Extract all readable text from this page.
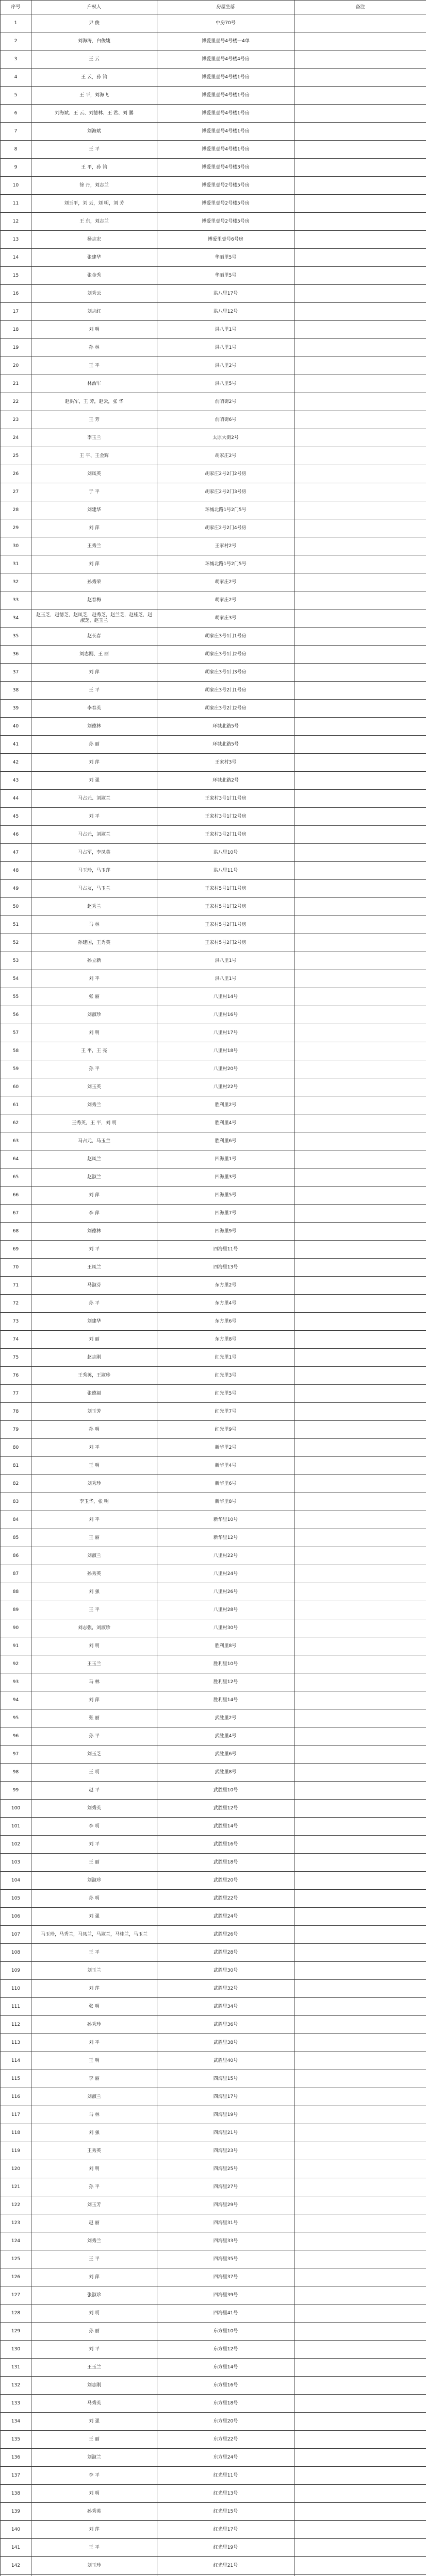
序号	户权人	房屋坐落	备注
1	尹 俊	中房70号	
2	刘海涛，白俊婕	博爱里壹号4号楼一4单	
3	王 云	博爱里壹号4号楼4号房	
4	王 云，孙 钧	博爱里壹号4号楼1号房	
5	王 平，刘海飞	博爱里壹号4号楼1号房	
6	刘海斌、王 云、刘德林、王 君、刘 鹏	博爱里壹号4号楼1号房	
7	刘海斌	博爱里壹号4号楼1号房	
8	王 平	博爱里壹号4号楼1号房	
9	王 平，孙 钧	博爱里壹号4号楼3号房	
10	徐 丹，刘志兰	博爱里壹号2号楼5号房	
11	刘玉平，刘 云，刘 明，刘 芳	博爱里壹号2号楼5号房	
12	王 东，刘志兰	博爱里壹号2号楼5号房	
13	杨志宏	博爱里壹号6号房	
14	张建华	华丽里5号	
15	张金秀	华丽里5号	
16	刘秀云	洪八里17号	
17	刘志红	洪八里12号	
18	刘 明	洪八里1号	
19	孙 林	洪八里1号	
20	王 平	洪八里2号	
21	林治军	洪八里5号	
22	赵洪军，王 芳，赵云，张 华	前哨街2号	
23	王 芳	前哨街6号	
24	李玉兰	太原大街2号	
25	王 平、王金辉	胡家庄2号	
26	刘凤英	胡家庄2号2门2号房	
27	于 平	胡家庄2号2门3号房	
28	刘建华	环城北路1号2门5号	
29	刘 萍	胡家庄2号2门4号房	
30	王秀兰	王家村2号	
31	刘 萍	环城北路1号2门5号	
32	孙秀荣	胡家庄2号	
33	赵春梅	胡家庄2号	
34	赵玉芝，赵德芝，赵凤芝，赵秀芝，赵兰芝，赵桂芝，赵淑芝，赵玉兰	胡家庄3号	
35	赵长春	胡家庄3号1门1号房	
36	刘志刚、王 丽	胡家庄3号1门2号房	
37	刘 萍	胡家庄3号1门3号房	
38	王 平	胡家庄3号2门1号房	
39	李春英	胡家庄3号2门2号房	
40	刘德林	环城北路5号	
41	孙 丽	环城北路5号	
42	刘 萍	王家村3号	
43	刘 强	环城北路2号	
44	马占元、刘淑兰	王家村3号1门1号房	
45	刘 平	王家村3号1门2号房	
46	马占元，刘淑兰	王家村3号2门1号房	
47	马占军，李凤英	洪八里10号	
48	马玉珍，马玉萍	洪八里11号	
49	马占友，马玉兰	王家村5号1门1号房	
50	赵秀兰	王家村5号1门2号房	
51	马 林	王家村5号2门1号房	
52	孙建国，王秀英	王家村5号2门2号房	
53	孙立新	洪八里1号	
54	刘 平	洪八里1号	
55	张 丽	八里村14号	
56	刘淑珍	八里村16号	
57	刘 明	八里村17号	
58	王 平，王 亮	八里村18号	
59	孙 平	八里村20号	
60	刘玉英	八里村22号	
61	刘秀兰	胜利里2号	
62	王秀英，王 平，刘 明	胜利里4号	
63	马占元，马玉兰	胜利里6号	
64	赵凤兰	四海里1号	
65	赵淑兰	四海里3号	
66	刘 萍	四海里5号	
67	李 萍	四海里7号	
68	刘德林	四海里9号	
69	刘 平	四海里11号	
70	王凤兰	四海里13号	
71	马淑芬	东方里2号	
72	孙 平	东方里4号	
73	刘建华	东方里6号	
74	刘 丽	东方里8号	
75	赵志刚	红光里1号	
76	王秀英，王淑珍	红光里3号	
77	张德福	红光里5号	
78	刘玉芳	红光里7号	
79	孙 明	红光里9号	
80	刘 平	新华里2号	
81	王 明	新华里4号	
82	刘秀珍	新华里6号	
83	李玉华，张 明	新华里8号	
84	刘 平	新华里10号	
85	王 丽	新华里12号	
86	刘淑兰	八里村22号	
87	孙秀英	八里村24号	
88	刘 强	八里村26号	
89	王 平	八里村28号	
90	刘志强，刘淑珍	八里村30号	
91	刘 明	胜利里8号	
92	王玉兰	胜利里10号	
93	马 林	胜利里12号	
94	刘 萍	胜利里14号	
95	张 丽	武胜里2号	
96	孙 平	武胜里4号	
97	刘玉芝	武胜里6号	
98	王 明	武胜里8号	
99	赵 平	武胜里10号	
100	刘秀英	武胜里12号	
101	李 明	武胜里14号	
102	刘 平	武胜里16号	
103	王 丽	武胜里18号	
104	刘淑珍	武胜里20号	
105	孙 明	武胜里22号	
106	刘 强	武胜里24号	
107	马玉珍，马秀兰，马凤兰，马淑兰，马桂兰，马玉兰	武胜里26号	
108	王 平	武胜里28号	
109	刘玉兰	武胜里30号	
110	刘 萍	武胜里32号	
111	张 明	武胜里34号	
112	孙秀珍	武胜里36号	
113	刘 平	武胜里38号	
114	王 明	武胜里40号	
115	李 丽	四海里15号	
116	刘淑兰	四海里17号	
117	马 林	四海里19号	
118	刘 强	四海里21号	
119	王秀英	四海里23号	
120	刘 明	四海里25号	
121	孙 平	四海里27号	
122	刘玉芳	四海里29号	
123	赵 丽	四海里31号	
124	刘秀兰	四海里33号	
125	王 平	四海里35号	
126	刘 萍	四海里37号	
127	张淑珍	四海里39号	
128	刘 明	四海里41号	
129	孙 丽	东方里10号	
130	刘 平	东方里12号	
131	王玉兰	东方里14号	
132	刘志刚	东方里16号	
133	马秀英	东方里18号	
134	刘 强	东方里20号	
135	王 丽	东方里22号	
136	刘淑兰	东方里24号	
137	李 平	红光里11号	
138	刘 明	红光里13号	
139	孙秀英	红光里15号	
140	刘 萍	红光里17号	
141	王 平	红光里19号	
142	刘玉珍	红光里21号	
